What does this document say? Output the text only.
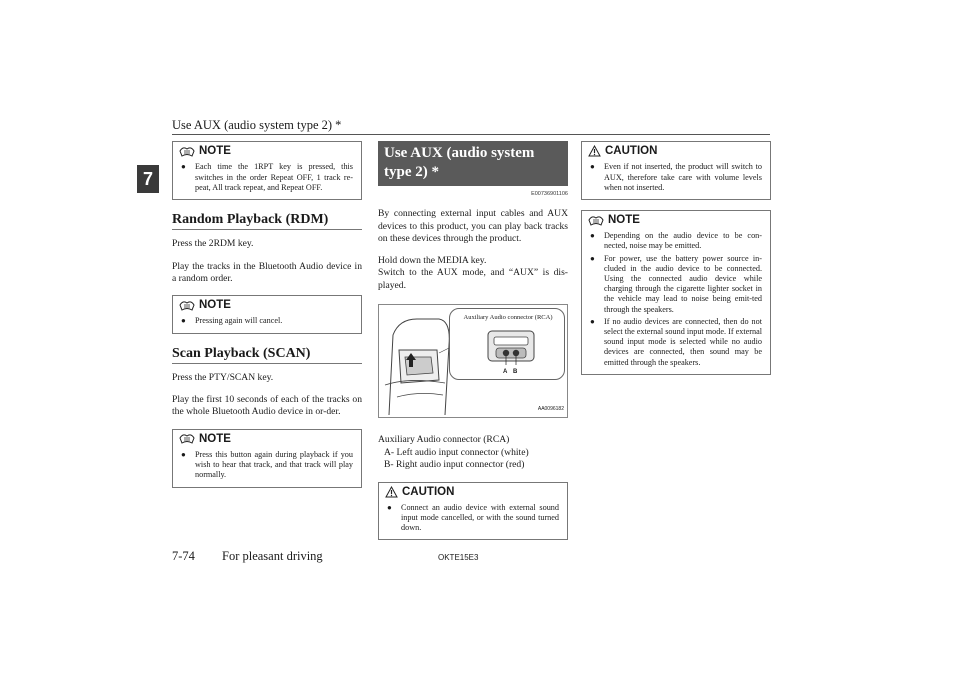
Use AUX (audio system type 2) *
7
NOTE
● Each time the 1RPT key is pressed, this switches in the order Repeat OFF, 1 track re-peat, All track repeat, and Repeat OFF.
Random Playback (RDM)

Press the 2RDM key.

Play the tracks in the Bluetooth Audio device in a random order.

NOTE
● Pressing again will cancel.
Scan Playback (SCAN)

Press the PTY/SCAN key.

Play the first 10 seconds of each of the tracks on the whole Bluetooth Audio device in or-der.

NOTE
● Press this button again during playback if you wish to hear that track, and that track will play normally.
Use AUX (audio system type 2) *
E00736901106

By connecting external input cables and AUX devices to this product, you can play back tracks on these devices through the product.

Hold down the MEDIA key.

Switch to the AUX mode, and “AUX” is dis-played.

Auxiliary Audio connector (RCA)
A B
AA0096182
Auxiliary Audio connector (RCA)
A- Left audio input connector (white)
B- Right audio input connector (red)
CAUTION
● Connect an audio device with external sound input mode cancelled, or with the sound turned down.
CAUTION
● Even if not inserted, the product will switch to AUX, therefore take care with volume levels when not inserted.
NOTE
● Depending on the audio device to be con-nected, noise may be emitted.
● For power, use the battery power source in-cluded in the audio device to be connected. Using the connected audio device while charging through the cigarette lighter socket in the vehicle may lead to noise being emit-ted through the speakers.
● If no audio devices are connected, then do not select the external sound input mode. If external sound input mode is selected while no audio devices are connected, then sound may be emitted through the speakers.
7-74 For pleasant driving	OKTE15E3
